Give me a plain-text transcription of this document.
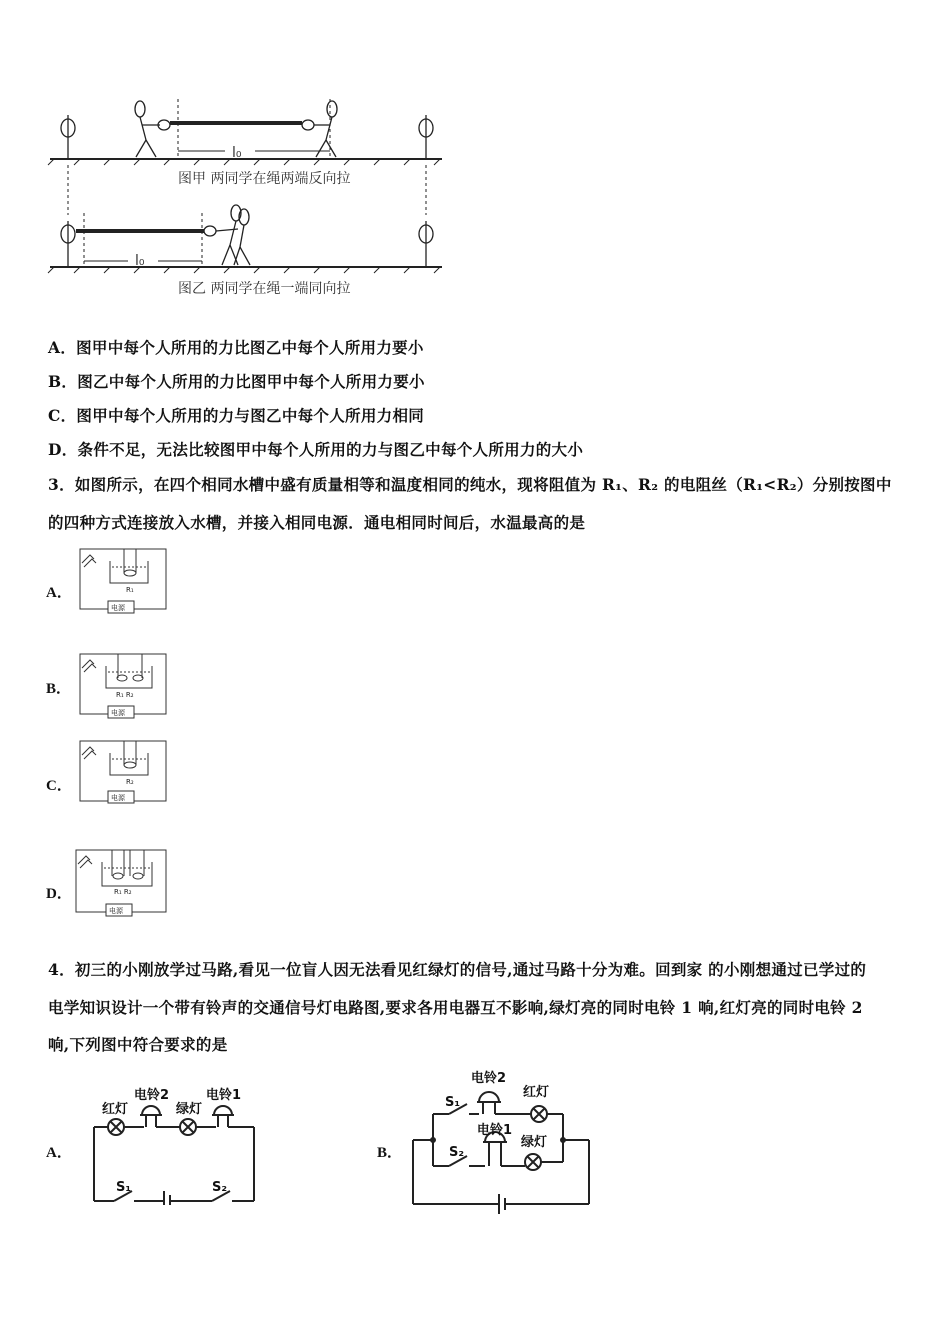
l₀
l₀
图甲 两同学在绳两端反向拉
图乙 两同学在绳一端同向拉
A．图甲中每个人所用的力比图乙中每个人所用力要小
B．图乙中每个人所用的力比图甲中每个人所用力要小
C．图甲中每个人所用的力与图乙中每个人所用力相同
D．条件不足，无法比较图甲中每个人所用的力与图乙中每个人所用力的大小
3．如图所示，在四个相同水槽中盛有质量相等和温度相同的纯水，现将阻值为 R₁、R₂ 的电阻丝（R₁<R₂）分别按图中
的四种方式连接放入水槽，并接入相同电源．通电相同时间后，水温最高的是
A．	R₁
电源
B．	R₁ R₂
电源
C．	R₂
电源
D．	R₁ R₂
电源
4．初三的小刚放学过马路,看见一位盲人因无法看见红绿灯的信号,通过马路十分为难。回到家 的小刚想通过已学过的
电学知识设计一个带有铃声的交通信号灯电路图,要求各用电器互不影响,绿灯亮的同时电铃 1 响,红灯亮的同时电铃 2
响,下列图中符合要求的是
A．
红灯
电铃2
绿灯
电铃1
S₁	S₂
B．
S₁
电铃2
红灯
S₂
电铃1
绿灯
